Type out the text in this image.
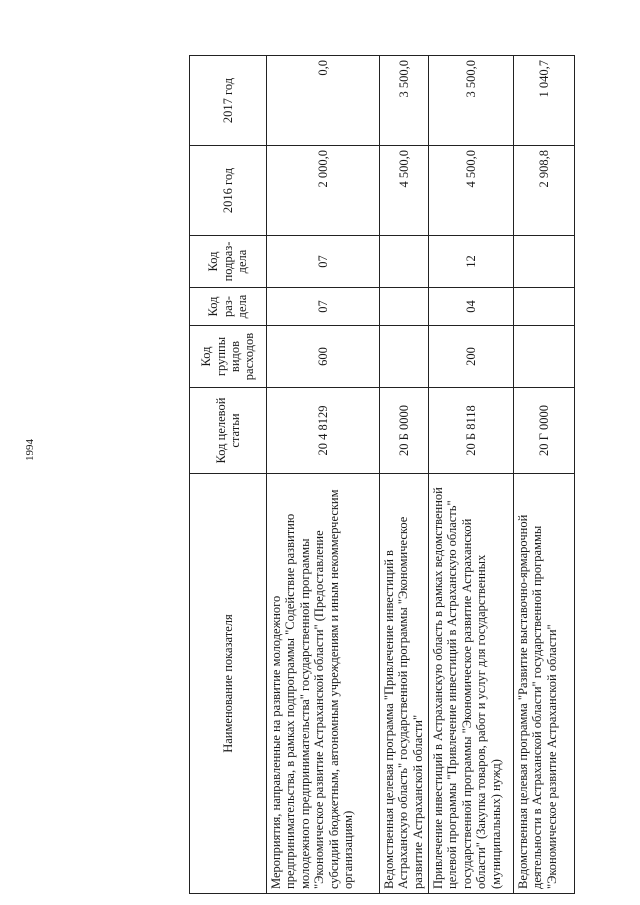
1994
Наименование показателя	Код целевой статьи	Код группы видов расходов	Код раз-дела	Код подраз-дела	2016 год	2017 год
Мероприятия, направленные на развитие молодежного предпринимательства, в рамках подпрограммы "Содействие развитию молодежного предпринимательства" государственной программы "Экономическое развитие Астраханской области" (Предоставление субсидий бюджетным, автономным учреждениям и иным некоммерческим организациям)	20 4 8129	600	07	07	2 000,0	0,0
Ведомственная целевая программа "Привлечение инвестиций в Астраханскую область" государственной программы "Экономическое развитие Астраханской области"	20 Б 0000				4 500,0	3 500,0
Привлечение инвестиций в Астраханскую область в рамках ведомственной целевой программы "Привлечение инвестиций в Астраханскую область" государственной программы "Экономическое развитие Астраханской области" (Закупка товаров, работ и услуг для государственных (муниципальных) нужд)	20 Б 8118	200	04	12	4 500,0	3 500,0
Ведомственная целевая программа "Развитие выставочно-ярмарочной деятельности в Астраханской области" государственной программы "Экономическое развитие Астраханской области"	20 Г 0000				2 908,8	1 040,7
